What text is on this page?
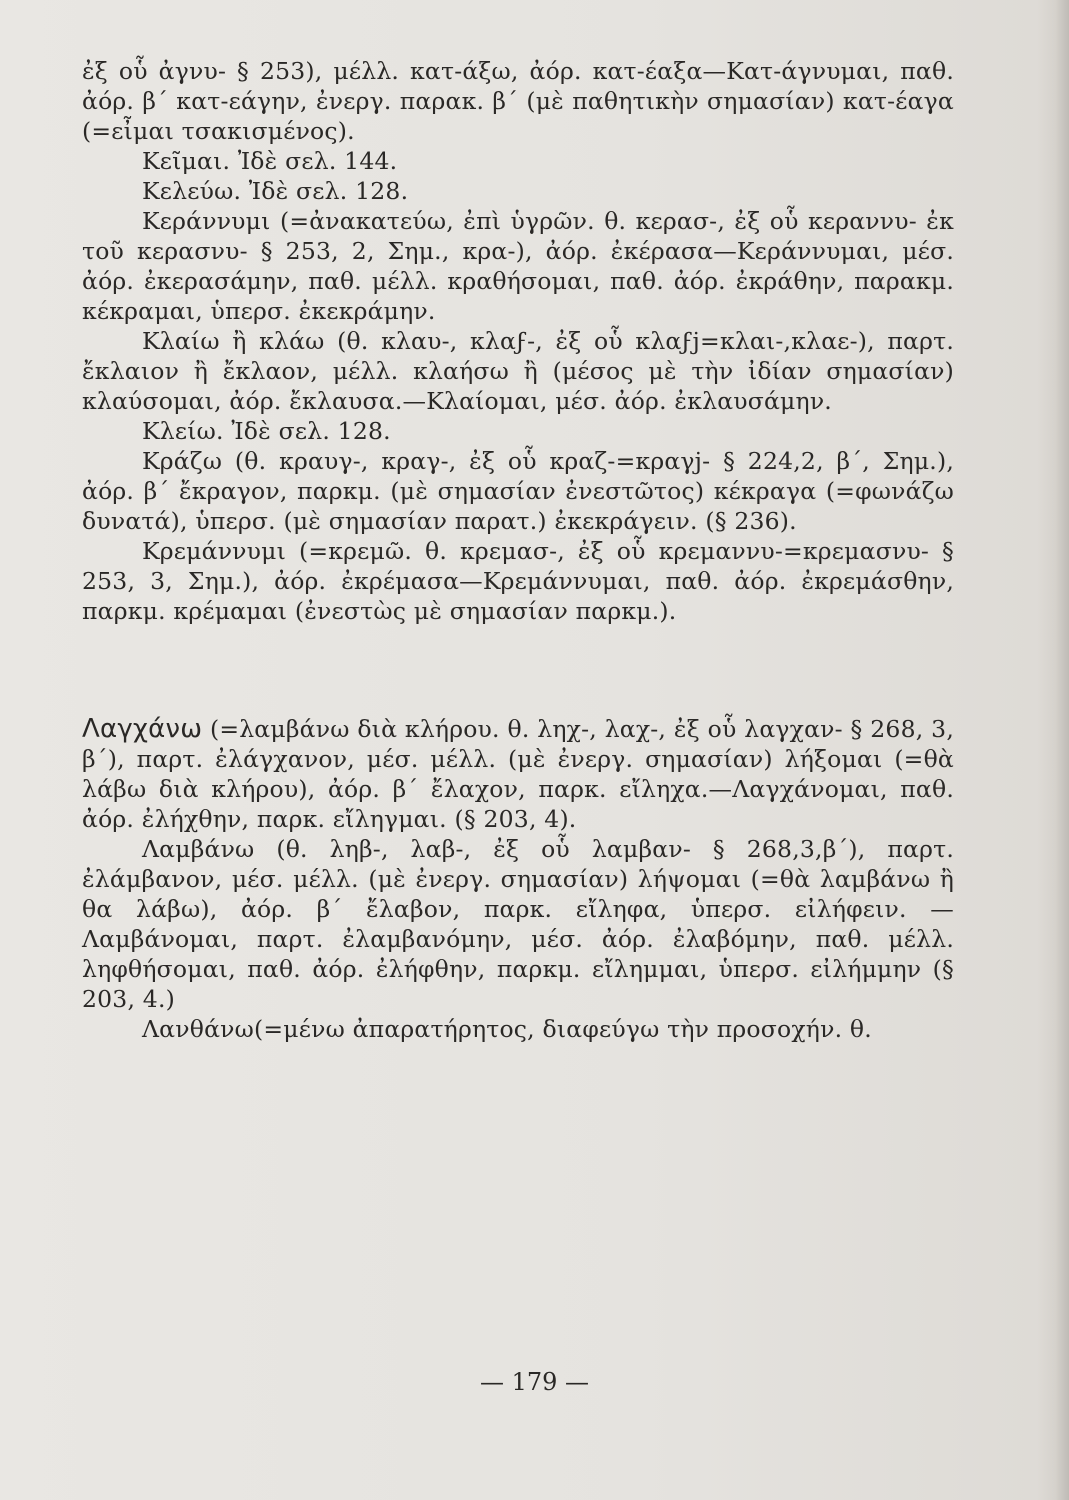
ἐξ οὗ ἀγνυ- § 253), μέλλ. κατ-άξω, ἀόρ. κατ-έαξα—Κατ-άγνυμαι, παθ. ἀόρ. β΄ κατ-εάγην, ἐνεργ. παρακ. β΄ (μὲ παθητικὴν σημασίαν) κατ-έαγα (=εἶμαι τσακισμένος).

Κεῖμαι. Ἰδὲ σελ. 144.

Κελεύω. Ἰδὲ σελ. 128.

Κεράννυμι (=ἀνακατεύω, ἐπὶ ὑγρῶν. θ. κερασ-, ἐξ οὗ κεραννυ- ἐκ τοῦ κερασνυ- § 253, 2, Σημ., κρα-), ἀόρ. ἐκέρασα—Κεράννυμαι, μέσ. ἀόρ. ἐκερασάμην, παθ. μέλλ. κραθήσομαι, παθ. ἀόρ. ἐκράθην, παρακμ. κέκραμαι, ὑπερσ. ἐκεκράμην.

Κλαίω ἢ κλάω (θ. κλαυ-, κλαϝ-, ἐξ οὗ κλαϝj=κλαι-,κλαε-), παρτ. ἔκλαιον ἢ ἔκλαον, μέλλ. κλαήσω ἢ (μέσος μὲ τὴν ἰδίαν σημασίαν) κλαύσομαι, ἀόρ. ἔκλαυσα.—Κλαίομαι, μέσ. ἀόρ. ἐκλαυσάμην.

Κλείω. Ἰδὲ σελ. 128.

Κράζω (θ. κραυγ-, κραγ-, ἐξ οὗ κραζ-=κραγj- § 224,2, β΄, Σημ.), ἀόρ. β΄ ἔκραγον, παρκμ. (μὲ σημασίαν ἐνεστῶτος) κέκραγα (=φωνάζω δυνατά), ὑπερσ. (μὲ σημασίαν παρατ.) ἐκεκράγειν. (§ 236).

Κρεμάννυμι (=κρεμῶ. θ. κρεμασ-, ἐξ οὗ κρεμαννυ-=κρεμασνυ- § 253, 3, Σημ.), ἀόρ. ἐκρέμασα—Κρεμάννυμαι, παθ. ἀόρ. ἐκρεμάσθην, παρκμ. κρέμαμαι (ἐνεστὼς μὲ σημασίαν παρκμ.).

Λαγχάνω (=λαμβάνω διὰ κλήρου. θ. ληχ-, λαχ-, ἐξ οὗ λαγχαν- § 268, 3, β΄), παρτ. ἐλάγχανον, μέσ. μέλλ. (μὲ ἐνεργ. σημασίαν) λήξομαι (=θὰ λάβω διὰ κλήρου), ἀόρ. β΄ ἔλαχον, παρκ. εἴληχα.—Λαγχάνομαι, παθ. ἀόρ. ἐλήχθην, παρκ. εἴληγμαι. (§ 203, 4).

Λαμβάνω (θ. ληβ-, λαβ-, ἐξ οὗ λαμβαν- § 268,3,β΄), παρτ. ἐλάμβανον, μέσ. μέλλ. (μὲ ἐνεργ. σημασίαν) λήψομαι (=θὰ λαμβάνω ἢ θα λάβω), ἀόρ. β΄ ἔλαβον, παρκ. εἴληφα, ὑπερσ. εἰλήφειν. —Λαμβάνομαι, παρτ. ἐλαμβανόμην, μέσ. ἀόρ. ἐλαβόμην, παθ. μέλλ. ληφθήσομαι, παθ. ἀόρ. ἐλήφθην, παρκμ. εἴλημμαι, ὑπερσ. εἰλήμμην (§ 203, 4.)

Λανθάνω(=μένω ἀπαρατήρητος, διαφεύγω τὴν προσοχήν. θ.

— 179 —
